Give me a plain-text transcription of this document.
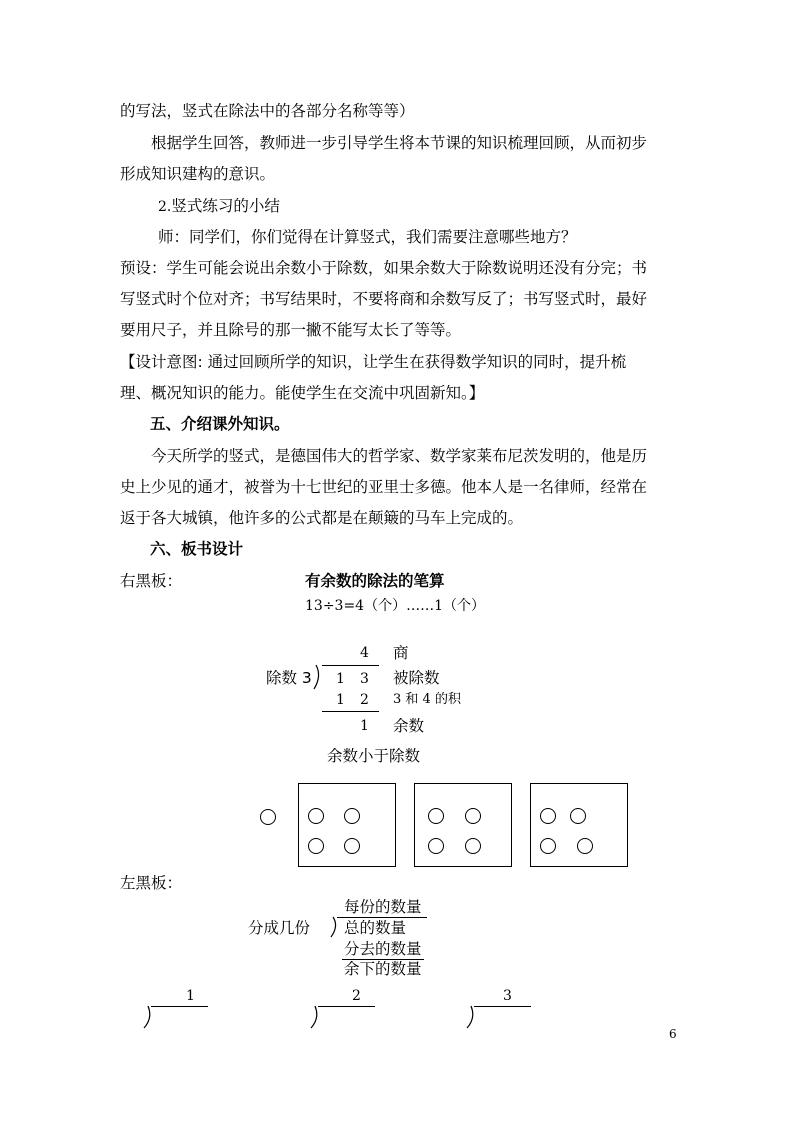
的写法，竖式在除法中的各部分名称等等）
根据学生回答，教师进一步引导学生将本节课的知识梳理回顾，从而初步
形成知识建构的意识。
2.竖式练习的小结
师：同学们，你们觉得在计算竖式，我们需要注意哪些地方？
预设：学生可能会说出余数小于除数，如果余数大于除数说明还没有分完；书
写竖式时个位对齐；书写结果时，不要将商和余数写反了；书写竖式时，最好
要用尺子，并且除号的那一撇不能写太长了等等。
【设计意图: 通过回顾所学的知识，让学生在获得数学知识的同时，提升梳
理、概况知识的能力。能使学生在交流中巩固新知。】
五、介绍课外知识。
今天所学的竖式，是德国伟大的哲学家、数学家莱布尼茨发明的，他是历
史上少见的通才，被誉为十七世纪的亚里士多德。他本人是一名律师，经常在
返于各大城镇，他许多的公式都是在颠簸的马车上完成的。
六、板书设计
右黑板：	有余数的除法的笔算
13÷3=4（个）……1（个）
4 商
除数 3 1 3 被除数
1 2 3 和 4 的积
1 余数
余数小于除数
左黑板：
每份的数量
分成几份 总的数量
分去的数量
余下的数量
1	2	3
6
